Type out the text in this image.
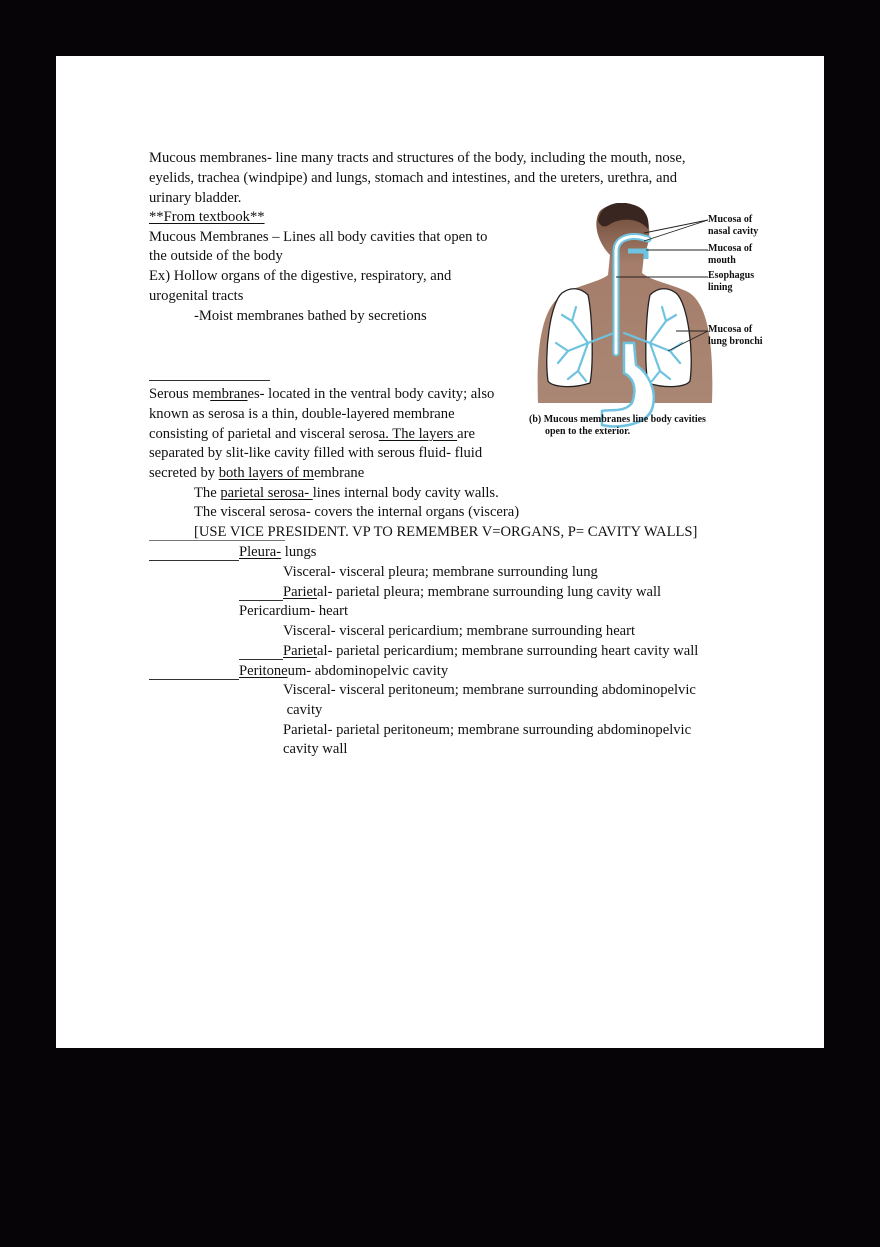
Mucous membranes- line many tracts and structures of the body, including the mouth, nose,
eyelids, trachea (windpipe) and lungs, stomach and intestines, and the ureters, urethra, and
urinary bladder.
**From textbook**
Mucous Membranes – Lines all body cavities that open to
the outside of the body
Ex) Hollow organs of the digestive, respiratory, and
urogenital tracts
-Moist membranes bathed by secretions
Serous membranes- located in the ventral body cavity; also
known as serosa is a thin, double-layered membrane
consisting of parietal and visceral serosa. The layers are
separated by slit-like cavity filled with serous fluid- fluid
secreted by both layers of membrane
The parietal serosa- lines internal body cavity walls.
The visceral serosa- covers the internal organs (viscera)
[USE VICE PRESIDENT. VP TO REMEMBER V=ORGANS, P= CAVITY WALLS]
Pleura- lungs
Visceral- visceral pleura; membrane surrounding lung
Parietal- parietal pleura; membrane surrounding lung cavity wall
Pericardium- heart
Visceral- visceral pericardium; membrane surrounding heart
Parietal- parietal pericardium; membrane surrounding heart cavity wall
Peritoneum- abdominopelvic cavity
Visceral- visceral peritoneum; membrane surrounding abdominopelvic
cavity
Parietal- parietal peritoneum; membrane surrounding abdominopelvic
cavity wall
Mucosa of
nasal cavity
Mucosa of
mouth
Esophagus
lining
Mucosa of
lung bronchi
(b) Mucous membranes line body cavities
open to the exterior.
